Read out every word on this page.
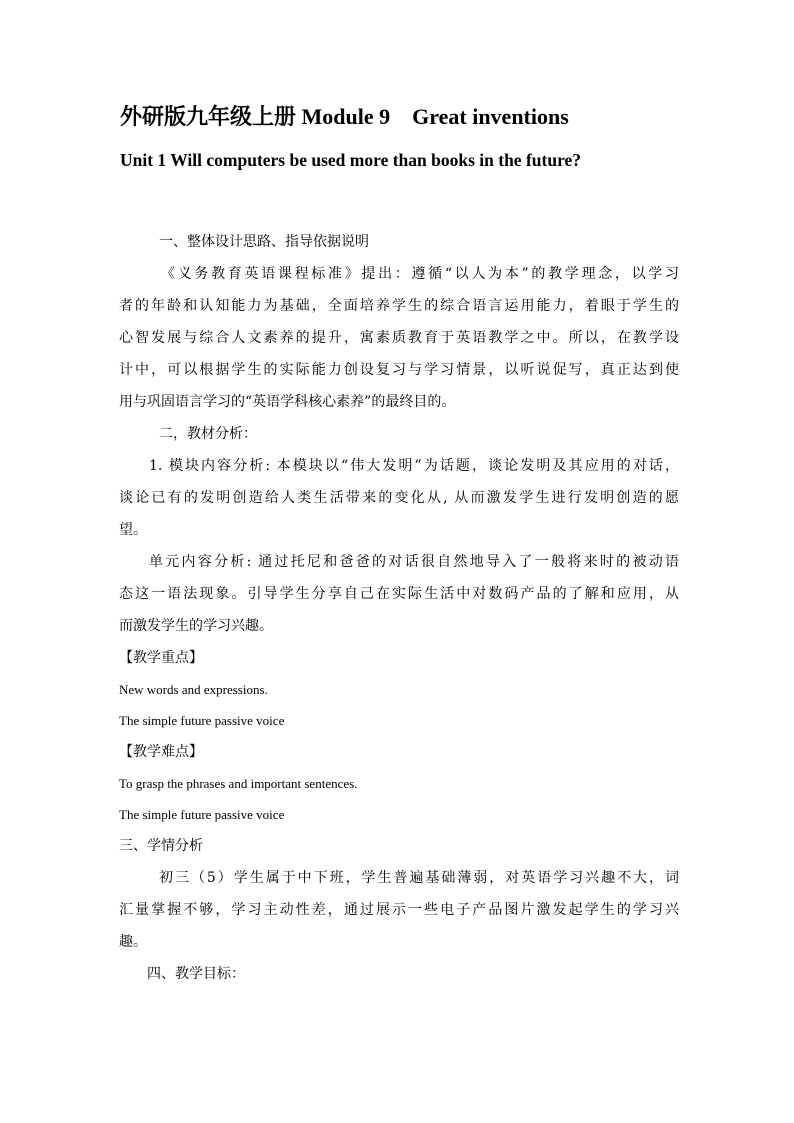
外研版九年级上册 Module 9 Great inventions
Unit 1 Will computers be used more than books in the future?
一、整体设计思路、指导依据说明
《义务教育英语课程标准》提出：遵循“以人为本”的教学理念，以学习
者的年龄和认知能力为基础，全面培养学生的综合语言运用能力，着眼于学生的
心智发展与综合人文素养的提升，寓素质教育于英语教学之中。所以，在教学设
计中，可以根据学生的实际能力创设复习与学习情景，以听说促写，真正达到使
用与巩固语言学习的“英语学科核心素养”的最终目的。
二，教材分析：
1. 模块内容分析: 本模块以“伟大发明”为话题，谈论发明及其应用的对话，
谈论已有的发明创造给人类生活带来的变化从, 从而激发学生进行发明创造的愿
望。
单元内容分析: 通过托尼和爸爸的对话很自然地导入了一般将来时的被动语
态这一语法现象。引导学生分享自己在实际生活中对数码产品的了解和应用，从
而激发学生的学习兴趣。
【教学重点】
New words and expressions.
The simple future passive voice
【教学难点】
To grasp the phrases and important sentences.
The simple future passive voice
三、学情分析
初三（5）学生属于中下班，学生普遍基础薄弱，对英语学习兴趣不大，词
汇量掌握不够，学习主动性差，通过展示一些电子产品图片激发起学生的学习兴
趣。
四、教学目标：
